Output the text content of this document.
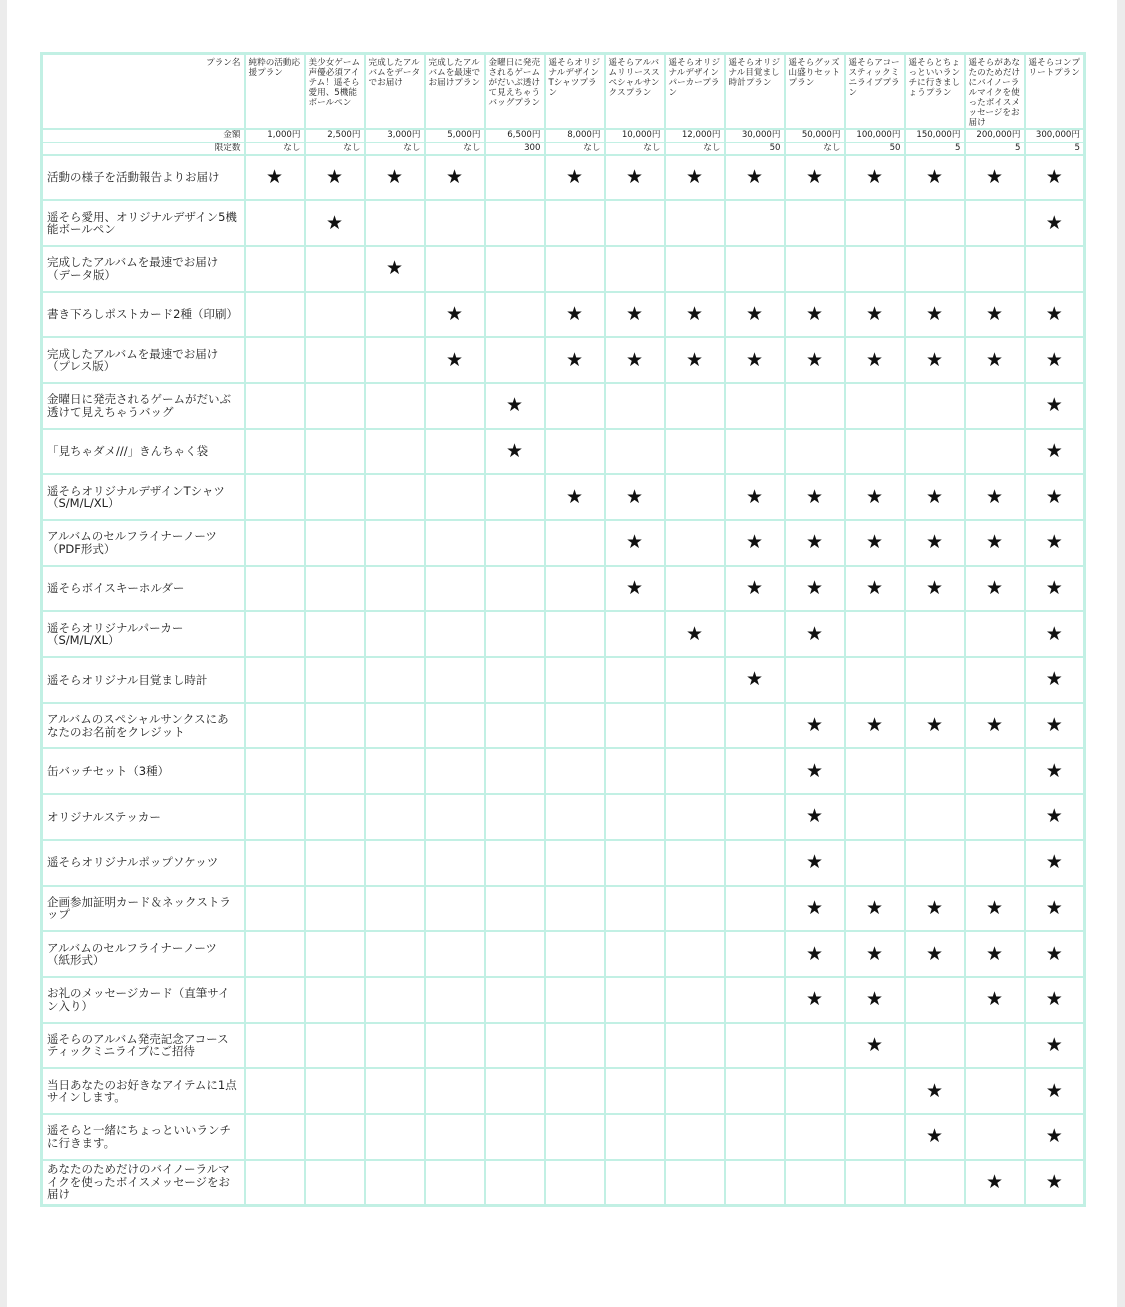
プラン名	純粋の活動応援プラン	美少女ゲーム声優必須アイテム！遥そら愛用、5機能ボールペン	完成したアルバムをデータでお届け	完成したアルバムを最速でお届けプラン	金曜日に発売されるゲームがだいぶ透けて見えちゃうバッグプラン	遥そらオリジナルデザインTシャツプラン	遥そらアルバムリリーススペシャルサンクスプラン	遥そらオリジナルデザインパーカープラン	遥そらオリジナル目覚まし時計プラン	遥そらグッズ山盛りセットプラン	遥そらアコースティックミニライブプラン	遥そらとちょっといいランチに行きましょうプラン	遥そらがあなたのためだけにバイノーラルマイクを使ったボイスメッセージをお届け	遥そらコンプリートプラン
金額	1,000円	2,500円	3,000円	5,000円	6,500円	8,000円	10,000円	12,000円	30,000円	50,000円	100,000円	150,000円	200,000円	300,000円
限定数	なし	なし	なし	なし	300	なし	なし	なし	50	なし	50	5	5	5

活動の様子を活動報告よりお届け	★	★	★	★		★	★	★	★	★	★	★	★	★

遥そら愛用、オリジナルデザイン5機能ボールペン		★												★

完成したアルバムを最速でお届け（データ版）			★											

書き下ろしポストカード2種（印刷）				★		★	★	★	★	★	★	★	★	★

完成したアルバムを最速でお届け（プレス版）				★		★	★	★	★	★	★	★	★	★

金曜日に発売されるゲームがだいぶ透けて見えちゃうバッグ					★									★

「見ちゃダメ///」きんちゃく袋					★									★

遥そらオリジナルデザインTシャツ（S/M/L/XL）						★	★		★	★	★	★	★	★

アルバムのセルフライナーノーツ（PDF形式）							★		★	★	★	★	★	★

遥そらボイスキーホルダー							★		★	★	★	★	★	★

遥そらオリジナルパーカー（S/M/L/XL）								★		★				★

遥そらオリジナル目覚まし時計									★					★

アルバムのスペシャルサンクスにあなたのお名前をクレジット										★	★	★	★	★

缶バッチセット（3種）										★				★

オリジナルステッカー										★				★

遥そらオリジナルポップソケッツ										★				★

企画参加証明カード＆ネックストラップ										★	★	★	★	★

アルバムのセルフライナーノーツ（紙形式）										★	★	★	★	★

お礼のメッセージカード（直筆サイン入り）										★	★		★	★

遥そらのアルバム発売記念アコースティックミニライブにご招待											★			★

当日あなたのお好きなアイテムに1点サインします。												★		★

遥そらと一緒にちょっといいランチに行きます。												★		★

あなたのためだけのバイノーラルマイクを使ったボイスメッセージをお届け													★	★
